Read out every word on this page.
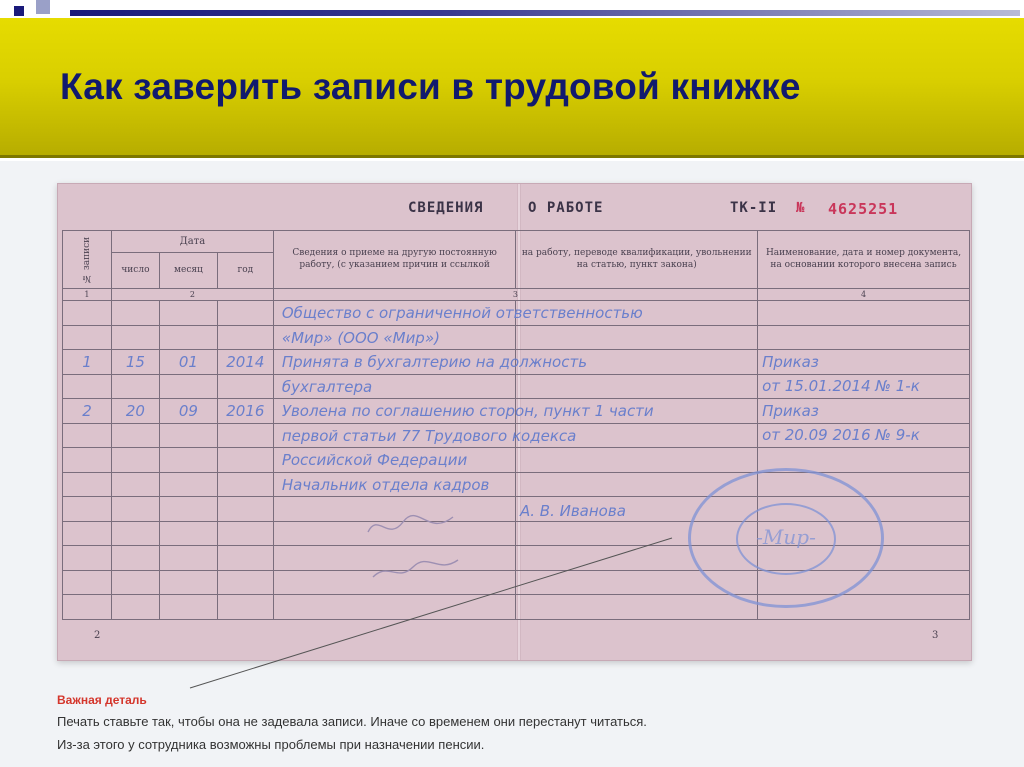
Как заверить записи в трудовой книжке
СВЕДЕНИЯ	О РАБОТЕ	ТК-II № 4625251
№ записи	Дата
число месяц год			Сведения о приеме на другую постоянную работу, (с указанием причин и ссылкой	на работу, переводе квалификации, увольнении на статью, пункт закона)	Наименование, дата и номер документа, на основании которого внесена запись
1	2			3		4

				Общество с ограниченной ответственностью		

				«Мир» (ООО «Мир»)		

1	15	01	2014	Принята в бухгалтерию на должность		Приказ

				бухгалтера		от 15.01.2014 № 1-к
2	20	09	2016	Уволена по соглашению сторон, пункт 1 части		Приказ

				первой статьи 77 Трудового кодекса		от 20.09 2016 № 9-к

				Российской Федерации		

				Начальник отдела кадров		

-Мир-
А. В. Иванова
2	3
Важная деталь
Печать ставьте так, чтобы она не задевала записи. Иначе со временем они перестанут читаться.
Из-за этого у сотрудника возможны проблемы при назначении пенсии.
